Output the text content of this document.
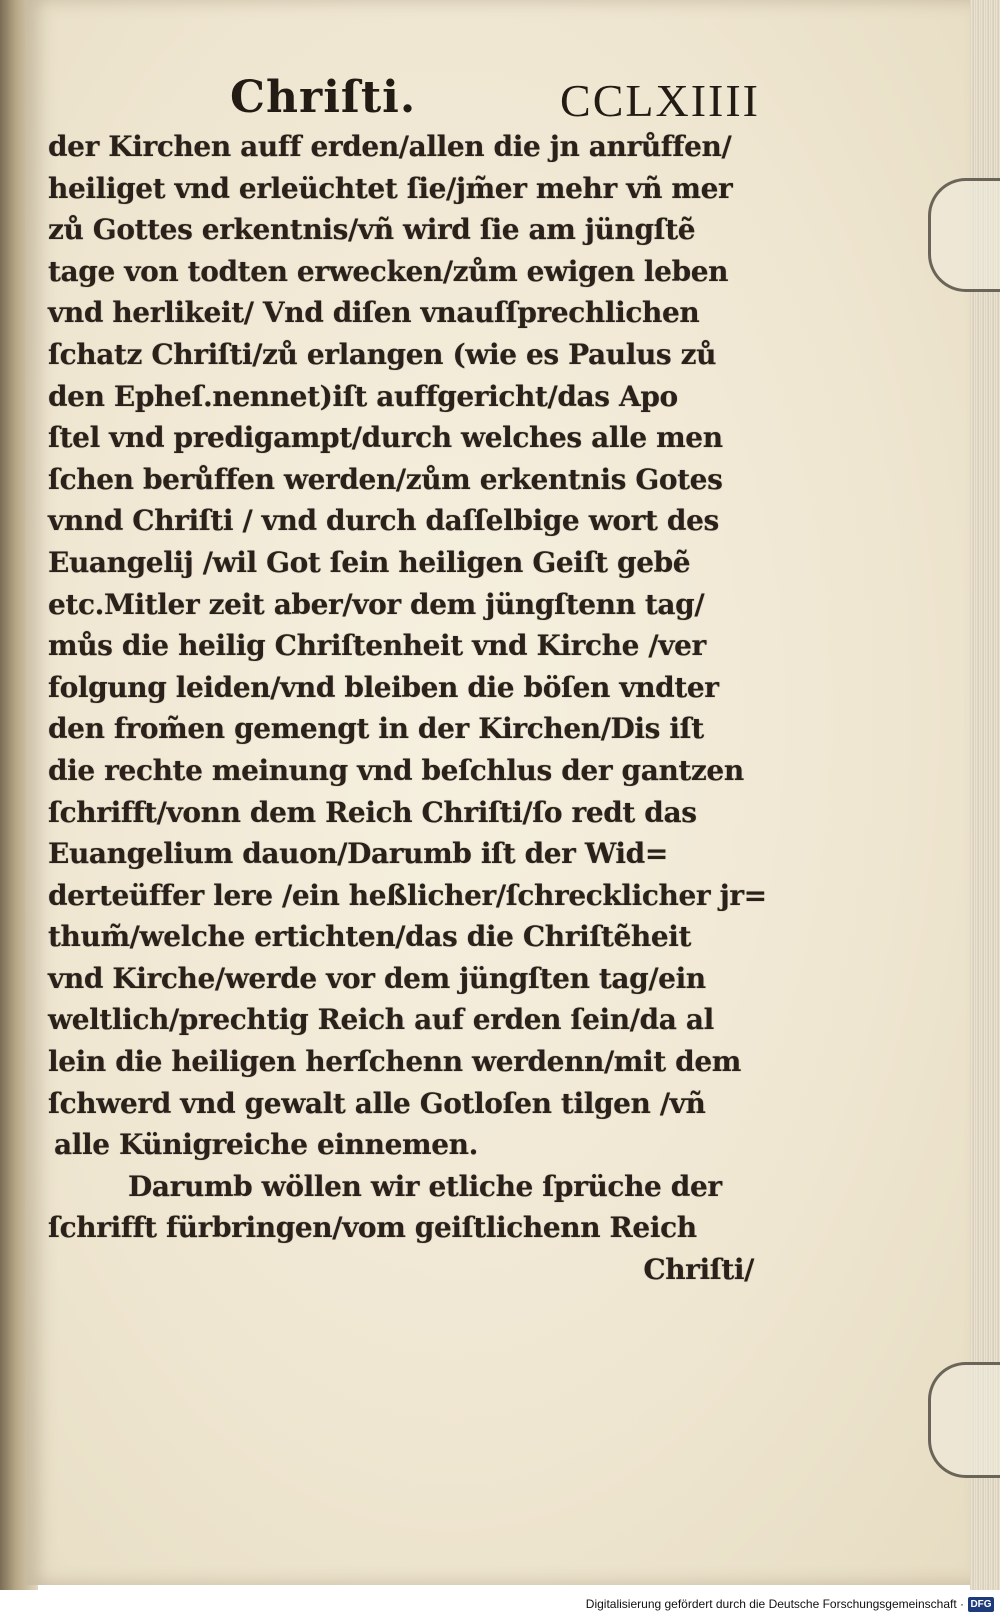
Chriſti.	CCLXIIII
der Kirchen auff erden/allen die jn anrůffen/
heiliget vnd erleüchtet ſie/jm̃er mehr vñ mer
zů Gottes erkentnis/vñ wird ſie am jüngſtẽ
tage von todten erwecken/zům ewigen leben
vnd herlikeit/ Vnd diſen vnauſſprechlichen
ſchatz Chriſti/zů erlangen (wie es Paulus zů
den Epheſ.nennet)iſt auffgericht/das Apo
ſtel vnd predigampt/durch welches alle men
ſchen berůffen werden/zům erkentnis Gotes
vnnd Chriſti / vnd durch daſſelbige wort des
Euangelij /wil Got ſein heiligen Geiſt gebẽ
etc.Mitler zeit aber/vor dem jüngſtenn tag/
můs die heilig Chriſtenheit vnd Kirche /ver
folgung leiden/vnd bleiben die böſen vndter
den from̃en gemengt in der Kirchen/Dis iſt
die rechte meinung vnd beſchlus der gantzen
ſchrifft/vonn dem Reich Chriſti/ſo redt das
Euangelium dauon/Darumb iſt der Wid=
derteüffer lere /ein heßlicher/ſchrecklicher jr=
thum̃/welche ertichten/das die Chriſtẽheit
vnd Kirche/werde vor dem jüngſten tag/ein
weltlich/prechtig Reich auf erden ſein/da al
lein die heiligen herſchenn werdenn/mit dem
ſchwerd vnd gewalt alle Gotloſen tilgen /vñ
alle Künigreiche einnemen.
Darumb wöllen wir etliche ſprüche der
ſchrifft fürbringen/vom geiſtlichenn Reich
Chriſti/
Digitalisierung gefördert durch die Deutsche Forschungsgemeinschaft · DFG
